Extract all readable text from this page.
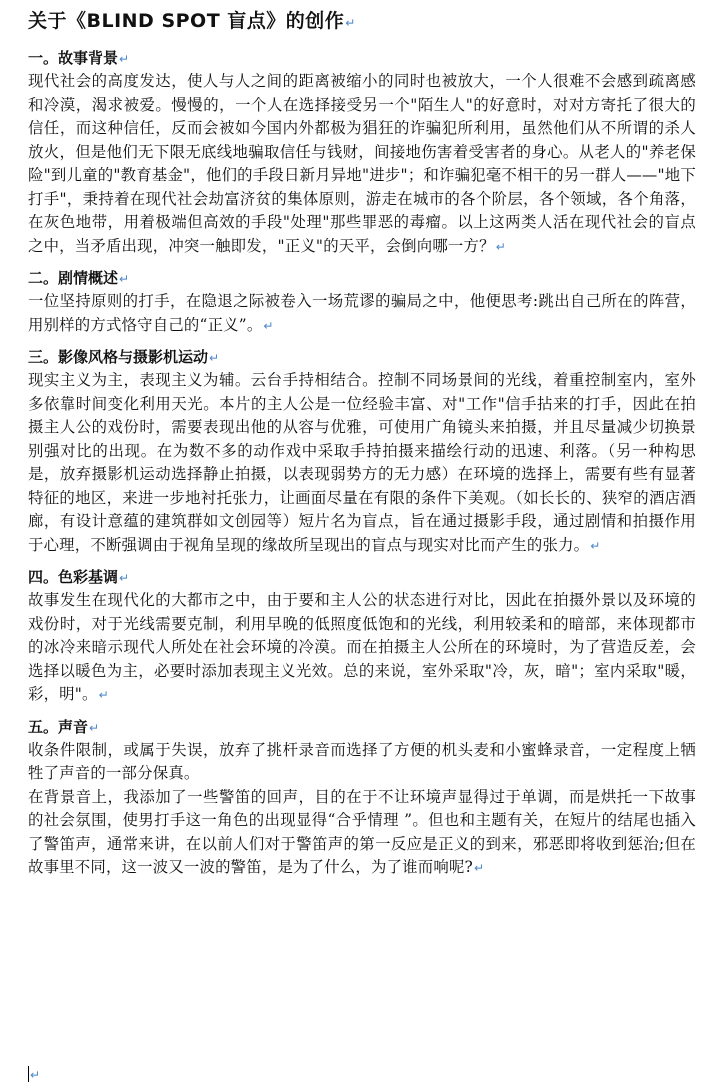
关于《BLIND SPOT 盲点》的创作↵
一。故事背景↵

现代社会的高度发达，使人与人之间的距离被缩小的同时也被放大，一个人很难不会感到疏离感和冷漠，渴求被爱。慢慢的，一个人在选择接受另一个"陌生人"的好意时，对对方寄托了很大的信任，而这种信任，反而会被如今国内外都极为猖狂的诈骗犯所利用，虽然他们从不所谓的杀人放火，但是他们无下限无底线地骗取信任与钱财，间接地伤害着受害者的身心。从老人的"养老保险"到儿童的"教育基金"，他们的手段日新月异地"进步"；和诈骗犯毫不相干的另一群人——"地下打手"，秉持着在现代社会劫富济贫的集体原则，游走在城市的各个阶层，各个领域，各个角落，在灰色地带，用着极端但高效的手段"处理"那些罪恶的毒瘤。以上这两类人活在现代社会的盲点之中，当矛盾出现，冲突一触即发，"正义"的天平，会倒向哪一方？↵

二。剧情概述↵

一位坚持原则的打手，在隐退之际被卷入一场荒谬的骗局之中，他便思考:跳出自己所在的阵营，用别样的方式恪守自己的“正义”。↵

三。影像风格与摄影机运动↵

现实主义为主，表现主义为辅。云台手持相结合。控制不同场景间的光线，着重控制室内，室外多依靠时间变化利用天光。本片的主人公是一位经验丰富、对"工作"信手拈来的打手，因此在拍摄主人公的戏份时，需要表现出他的从容与优雅，可使用广角镜头来拍摄，并且尽量减少切换景别强对比的出现。在为数不多的动作戏中采取手持拍摄来描绘行动的迅速、利落。（另一种构思是，放弃摄影机运动选择静止拍摄，以表现弱势方的无力感）在环境的选择上，需要有些有显著特征的地区，来进一步地衬托张力，让画面尽量在有限的条件下美观。（如长长的、狭窄的酒店酒廊，有设计意蕴的建筑群如文创园等）短片名为盲点，旨在通过摄影手段，通过剧情和拍摄作用于心理，不断强调由于视角呈现的缘故所呈现出的盲点与现实对比而产生的张力。↵

四。色彩基调↵

故事发生在现代化的大都市之中，由于要和主人公的状态进行对比，因此在拍摄外景以及环境的戏份时，对于光线需要克制，利用早晚的低照度低饱和的光线，利用较柔和的暗部，来体现都市的冰冷来暗示现代人所处在社会环境的冷漠。而在拍摄主人公所在的环境时，为了营造反差，会选择以暖色为主，必要时添加表现主义光效。总的来说，室外采取"冷，灰，暗"；室内采取"暖，彩，明"。↵

五。声音↵

收条件限制，或属于失误，放弃了挑杆录音而选择了方便的机头麦和小蜜蜂录音，一定程度上牺牲了声音的一部分保真。

在背景音上，我添加了一些警笛的回声，目的在于不让环境声显得过于单调，而是烘托一下故事的社会氛围，使男打手这一角色的出现显得“合乎情理 ”。但也和主题有关，在短片的结尾也插入了警笛声，通常来讲，在以前人们对于警笛声的第一反应是正义的到来，邪恶即将收到惩治;但在故事里不同，这一波又一波的警笛，是为了什么，为了谁而响呢?↵

↵
